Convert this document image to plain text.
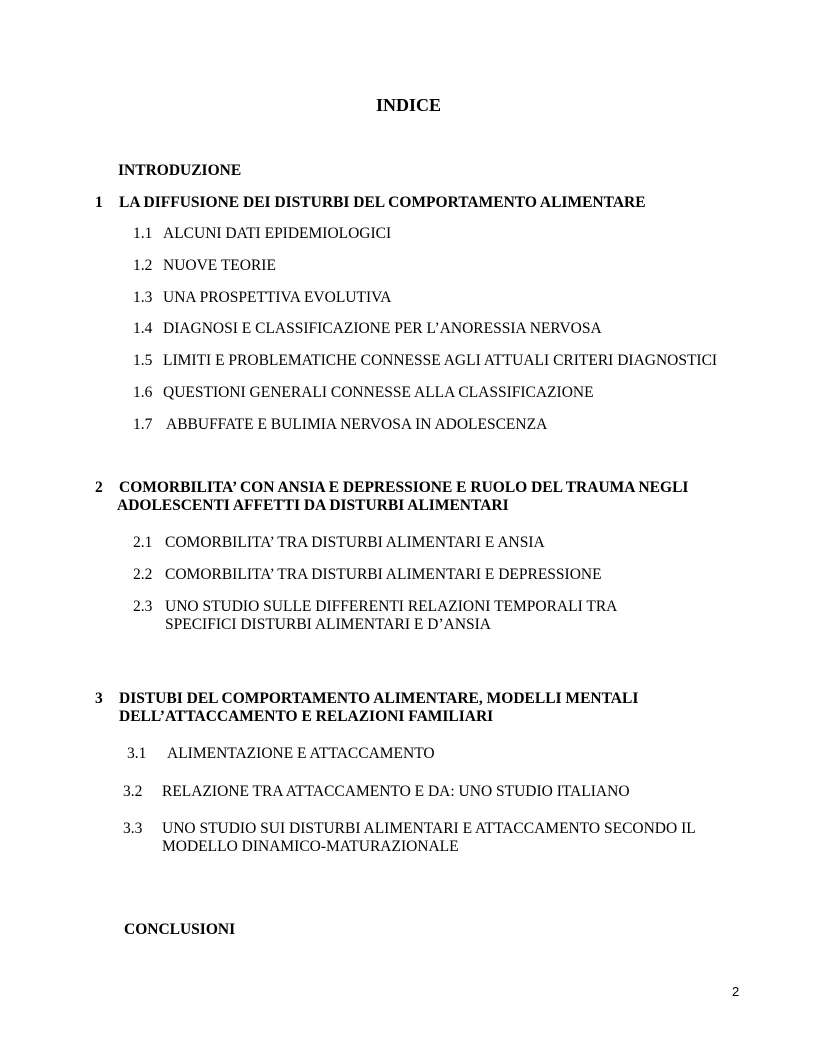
INDICE
INTRODUZIONE
1 LA DIFFUSIONE DEI DISTURBI DEL COMPORTAMENTO ALIMENTARE
1.1 ALCUNI DATI EPIDEMIOLOGICI
1.2 NUOVE TEORIE
1.3 UNA PROSPETTIVA EVOLUTIVA
1.4 DIAGNOSI E CLASSIFICAZIONE PER L’ANORESSIA NERVOSA
1.5 LIMITI E PROBLEMATICHE CONNESSE AGLI ATTUALI CRITERI DIAGNOSTICI
1.6 QUESTIONI GENERALI CONNESSE ALLA CLASSIFICAZIONE
1.7 ABBUFFATE E BULIMIA NERVOSA IN ADOLESCENZA
2 COMORBILITA’ CON ANSIA E DEPRESSIONE E RUOLO DEL TRAUMA NEGLI
ADOLESCENTI AFFETTI DA DISTURBI ALIMENTARI
2.1 COMORBILITA’ TRA DISTURBI ALIMENTARI E ANSIA
2.2 COMORBILITA’ TRA DISTURBI ALIMENTARI E DEPRESSIONE
2.3 UNO STUDIO SULLE DIFFERENTI RELAZIONI TEMPORALI TRA
SPECIFICI DISTURBI ALIMENTARI E D’ANSIA
3 DISTUBI DEL COMPORTAMENTO ALIMENTARE, MODELLI MENTALI
DELL’ATTACCAMENTO E RELAZIONI FAMILIARI
3.1 ALIMENTAZIONE E ATTACCAMENTO
3.2 RELAZIONE TRA ATTACCAMENTO E DA: UNO STUDIO ITALIANO
3.3 UNO STUDIO SUI DISTURBI ALIMENTARI E ATTACCAMENTO SECONDO IL
MODELLO DINAMICO-MATURAZIONALE
CONCLUSIONI
2
